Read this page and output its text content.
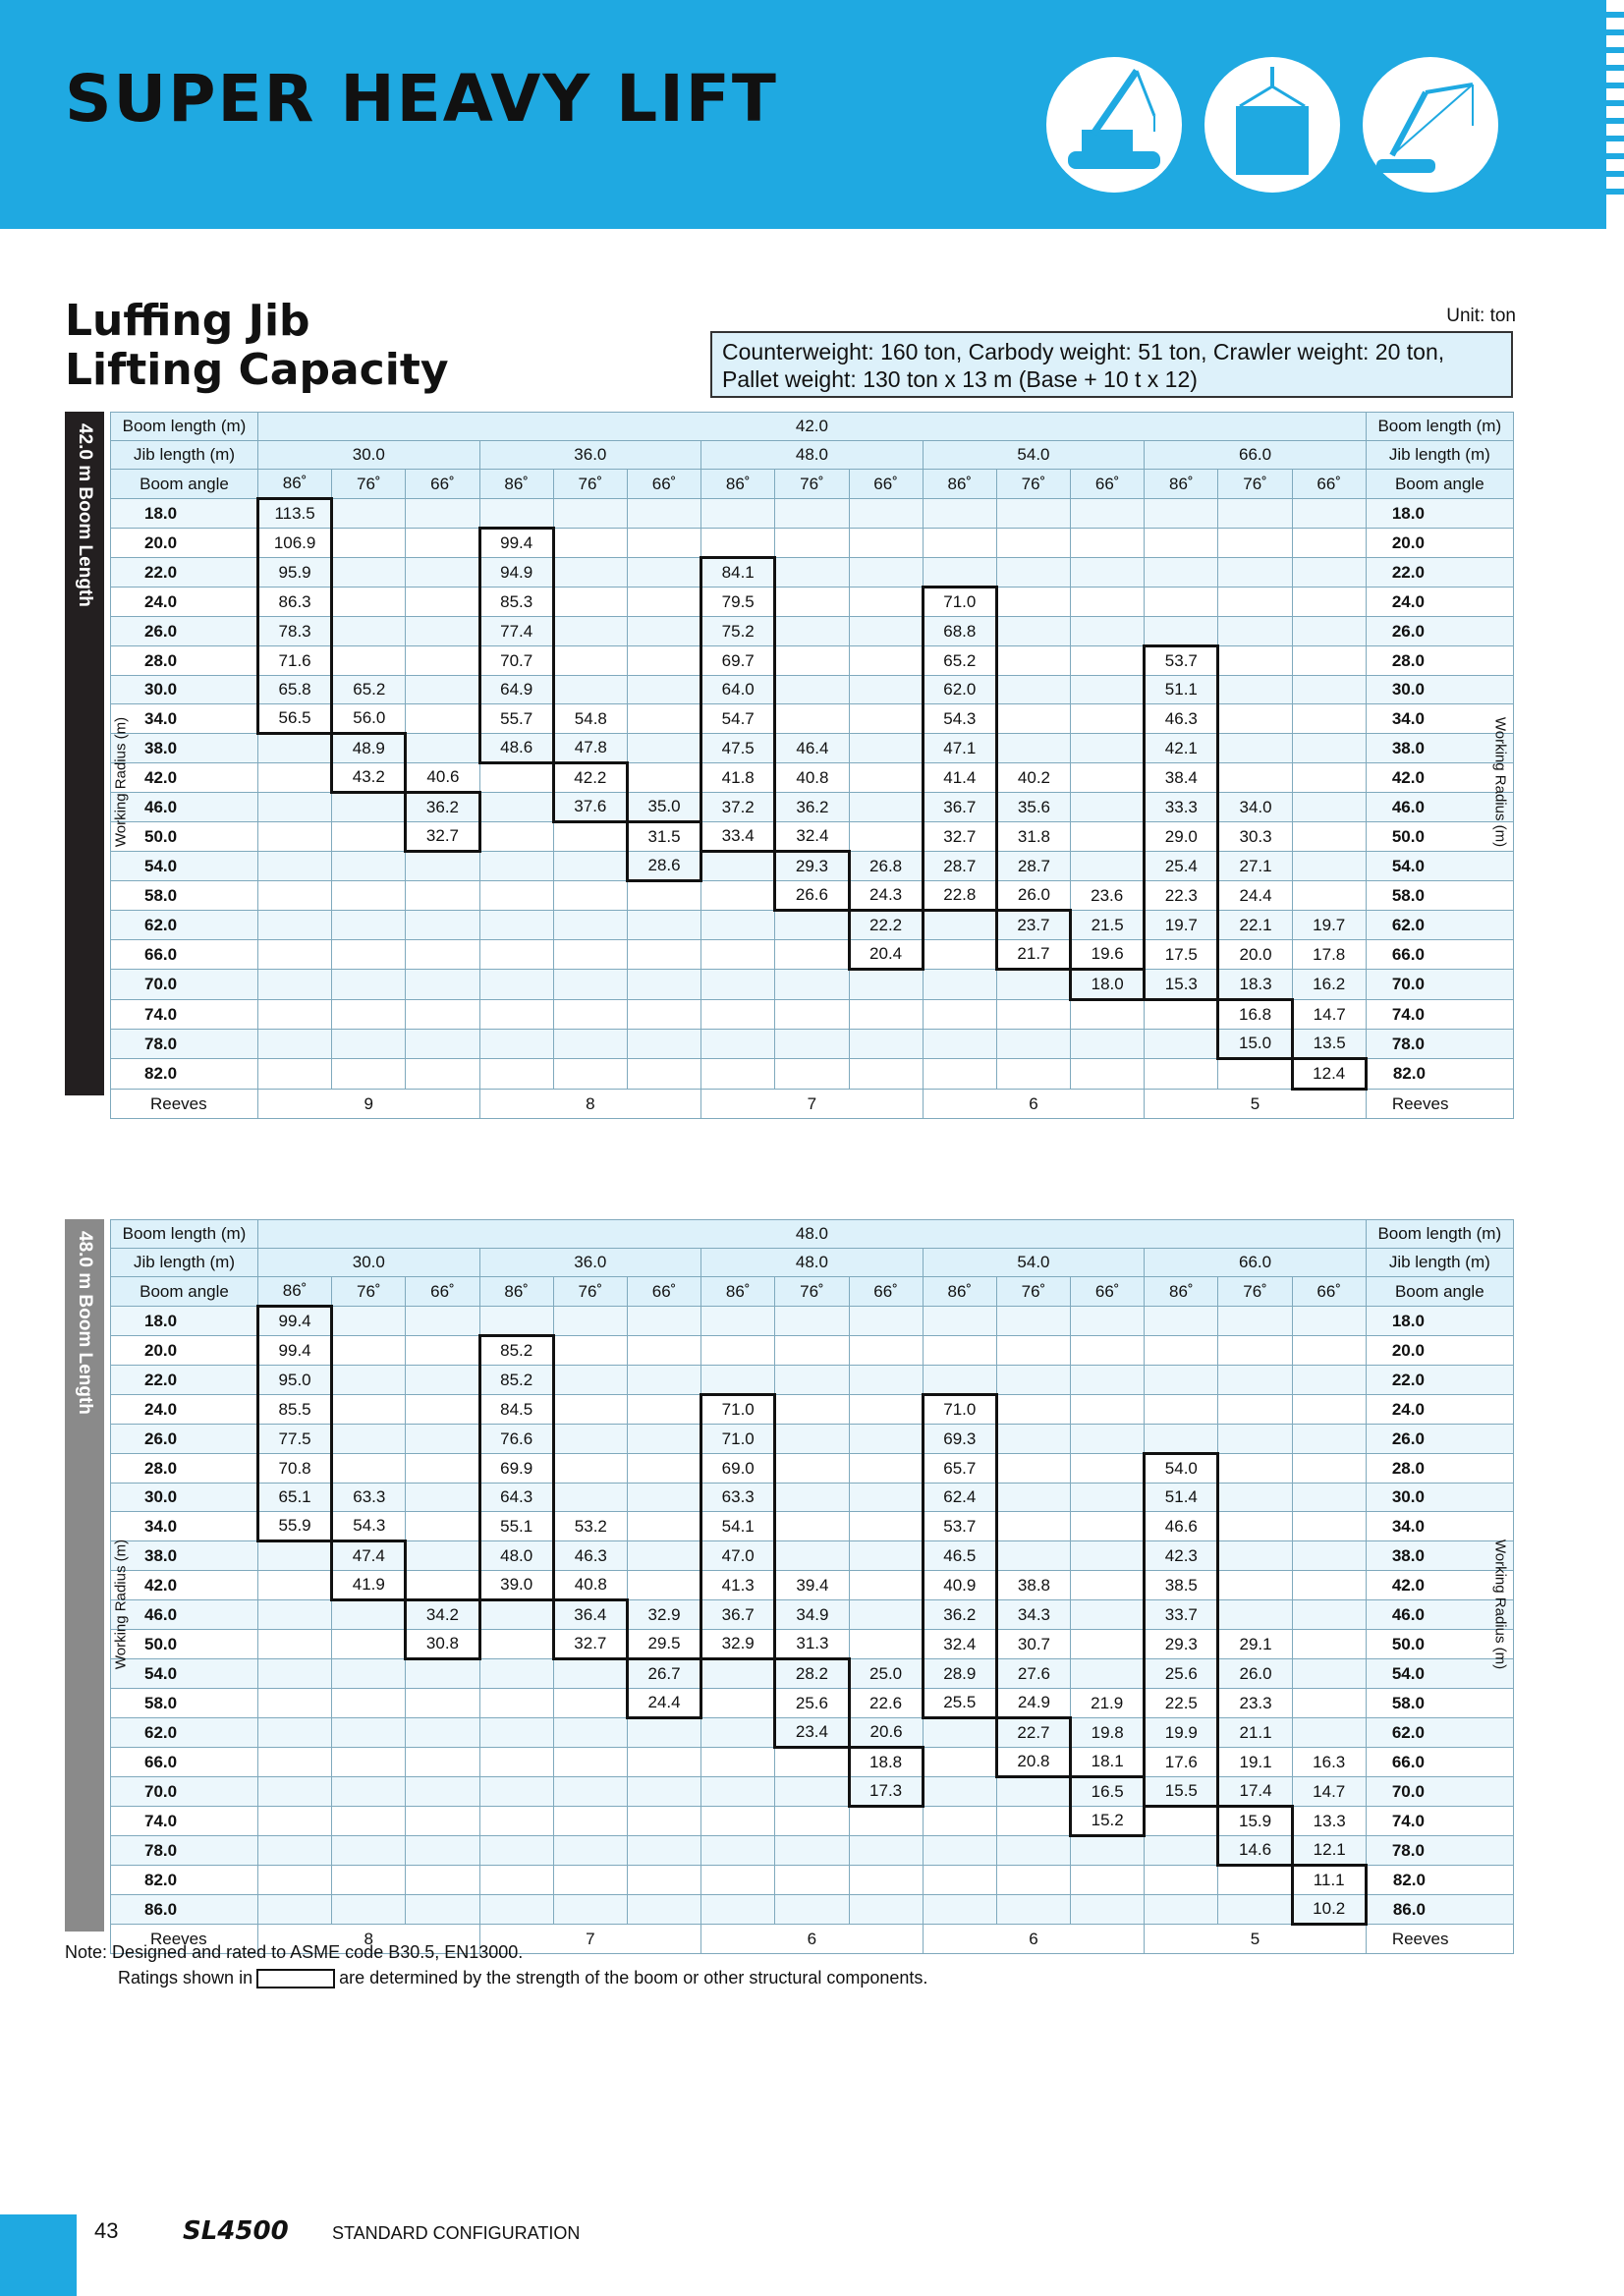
SUPER HEAVY LIFT
Luffing Jib
Lifting Capacity
Unit: ton
Counterweight: 160 ton, Carbody weight: 51 ton, Crawler weight: 20 ton,
Pallet weight: 130 ton x 13 m (Base + 10 t x 12)
42.0 m Boom Length Boom length (m)	42.0															Boom length (m)
Jib length (m)	30.0			36.0			48.0			54.0			66.0			Jib length (m)
Boom angle	86˚	76˚	66˚	86˚	76˚	66˚	86˚	76˚	66˚	86˚	76˚	66˚	86˚	76˚	66˚	Boom angle
18.0	113.5															18.0
20.0	106.9			99.4												20.0
22.0	95.9			94.9			84.1									22.0
24.0	86.3			85.3			79.5			71.0						24.0
26.0	78.3			77.4			75.2			68.8						26.0
28.0	71.6			70.7			69.7			65.2			53.7			28.0
30.0	65.8	65.2		64.9			64.0			62.0			51.1			30.0
34.0	56.5	56.0		55.7	54.8		54.7			54.3			46.3			34.0
38.0		48.9		48.6	47.8		47.5	46.4		47.1			42.1			38.0
42.0		43.2	40.6		42.2		41.8	40.8		41.4	40.2		38.4			42.0
46.0			36.2		37.6	35.0	37.2	36.2		36.7	35.6		33.3	34.0		46.0
50.0			32.7			31.5	33.4	32.4		32.7	31.8		29.0	30.3		50.0
54.0						28.6		29.3	26.8	28.7	28.7		25.4	27.1		54.0
58.0								26.6	24.3	22.8	26.0	23.6	22.3	24.4		58.0
62.0									22.2		23.7	21.5	19.7	22.1	19.7	62.0
66.0									20.4		21.7	19.6	17.5	20.0	17.8	66.0
70.0												18.0	15.3	18.3	16.2	70.0
74.0														16.8	14.7	74.0
78.0														15.0	13.5	78.0
82.0															12.4	82.0
Reeves	9			8			7			6			5			Reeves
Working Radius (m)	Working Radius (m)
48.0 m Boom Length Boom length (m)	48.0															Boom length (m)
Jib length (m)	30.0			36.0			48.0			54.0			66.0			Jib length (m)
Boom angle	86˚	76˚	66˚	86˚	76˚	66˚	86˚	76˚	66˚	86˚	76˚	66˚	86˚	76˚	66˚	Boom angle
18.0	99.4															18.0
20.0	99.4			85.2												20.0
22.0	95.0			85.2												22.0
24.0	85.5			84.5			71.0			71.0						24.0
26.0	77.5			76.6			71.0			69.3						26.0
28.0	70.8			69.9			69.0			65.7			54.0			28.0
30.0	65.1	63.3		64.3			63.3			62.4			51.4			30.0
34.0	55.9	54.3		55.1	53.2		54.1			53.7			46.6			34.0
38.0		47.4		48.0	46.3		47.0			46.5			42.3			38.0
42.0		41.9		39.0	40.8		41.3	39.4		40.9	38.8		38.5			42.0
46.0			34.2		36.4	32.9	36.7	34.9		36.2	34.3		33.7			46.0
50.0			30.8		32.7	29.5	32.9	31.3		32.4	30.7		29.3	29.1		50.0
54.0						26.7		28.2	25.0	28.9	27.6		25.6	26.0		54.0
58.0						24.4		25.6	22.6	25.5	24.9	21.9	22.5	23.3		58.0
62.0								23.4	20.6		22.7	19.8	19.9	21.1		62.0
66.0									18.8		20.8	18.1	17.6	19.1	16.3	66.0
70.0									17.3			16.5	15.5	17.4	14.7	70.0
74.0												15.2		15.9	13.3	74.0
78.0														14.6	12.1	78.0
82.0															11.1	82.0
86.0															10.2	86.0
Reeves	8			7			6			6			5			Reeves
Working Radius (m)	Working Radius (m)
Note: Designed and rated to ASME code B30.5, EN13000.
Ratings shown in	are determined by the strength of the boom or other structural components.
43	SL4500 STANDARD CONFIGURATION
